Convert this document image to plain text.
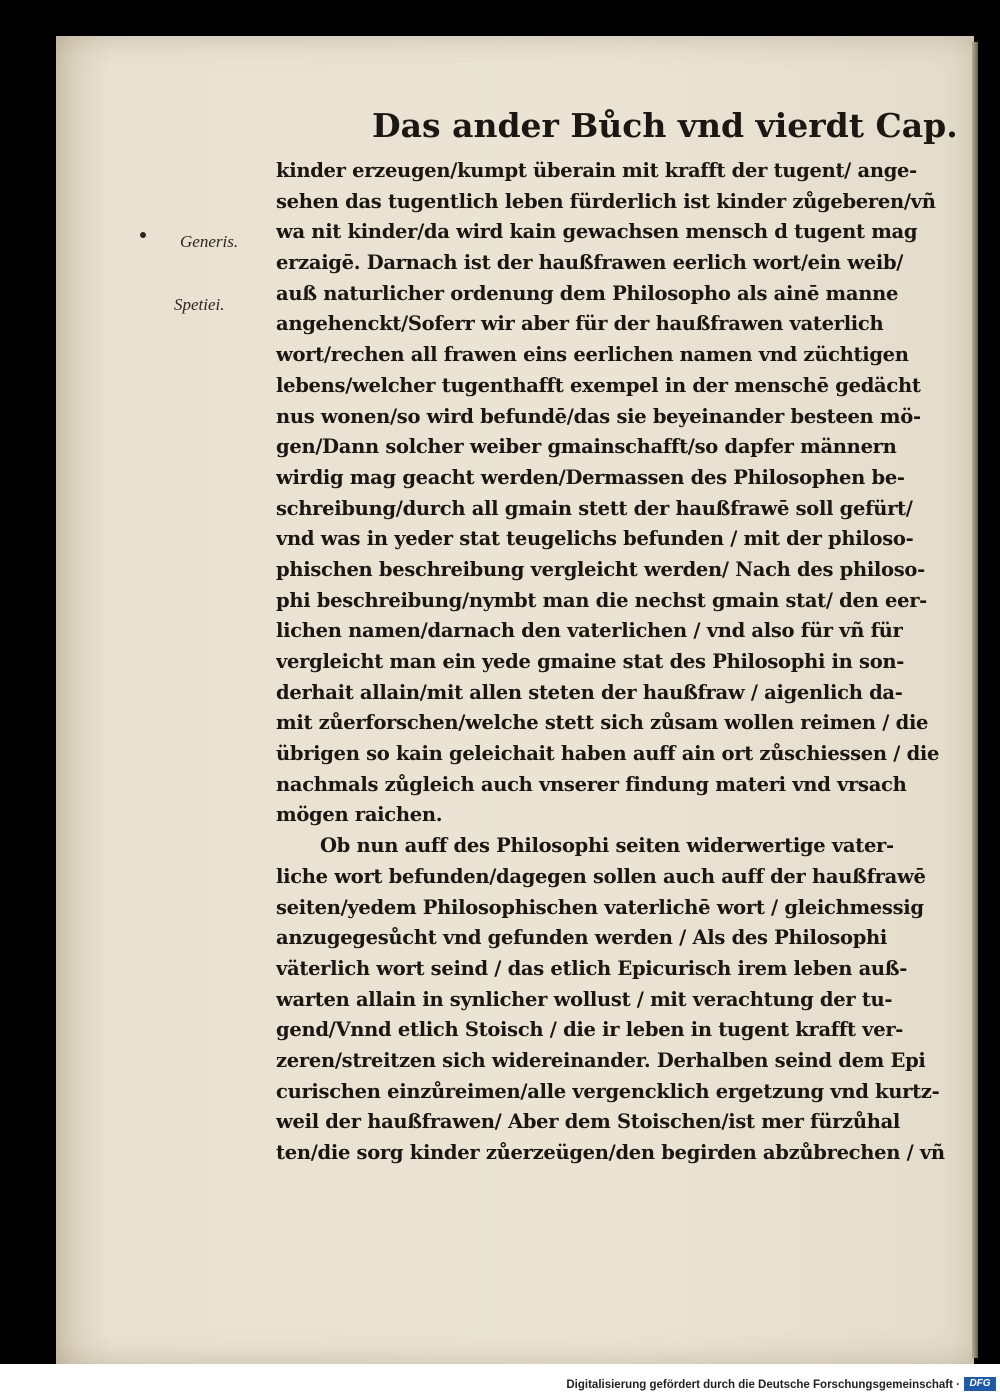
Das ander Bůch vnd vierdt Cap.
Generis.
Spetiei.
kinder erzeugen/kumpt überain mit krafft der tugent/ ange-
sehen das tugentlich leben fürderlich ist kinder zůgeberen/vñ
wa nit kinder/da wird kain gewachsen mensch d tugent mag
erzaigē. Darnach ist der haußfrawen eerlich wort/ein weib/
auß naturlicher ordenung dem Philosopho als ainē manne
angehenckt/Soferr wir aber für der haußfrawen vaterlich
wort/rechen all frawen eins eerlichen namen vnd züchtigen
lebens/welcher tugenthafft exempel in der menschē gedächt
nus wonen/so wird befundē/das sie beyeinander besteen mö-
gen/Dann solcher weiber gmainschafft/so dapfer männern
wirdig mag geacht werden/Dermassen des Philosophen be-
schreibung/durch all gmain stett der haußfrawē soll gefürt/
vnd was in yeder stat teugelichs befunden / mit der philoso-
phischen beschreibung vergleicht werden/ Nach des philoso-
phi beschreibung/nymbt man die nechst gmain stat/ den eer-
lichen namen/darnach den vaterlichen / vnd also für vñ für
vergleicht man ein yede gmaine stat des Philosophi in son-
derhait allain/mit allen steten der haußfraw / aigenlich da-
mit zůerforschen/welche stett sich zůsam wollen reimen / die
übrigen so kain geleichait haben auff ain ort zůschiessen / die
nachmals zůgleich auch vnserer findung materi vnd vrsach
mögen raichen.
Ob nun auff des Philosophi seiten widerwertige vater-
liche wort befunden/dagegen sollen auch auff der haußfrawē
seiten/yedem Philosophischen vaterlichē wort / gleichmessig
anzugegesůcht vnd gefunden werden / Als des Philosophi
väterlich wort seind / das etlich Epicurisch irem leben auß-
warten allain in synlicher wollust / mit verachtung der tu-
gend/Vnnd etlich Stoisch / die ir leben in tugent krafft ver-
zeren/streitzen sich widereinander. Derhalben seind dem Epi
curischen einzůreimen/alle vergencklich ergetzung vnd kurtz-
weil der haußfrawen/ Aber dem Stoischen/ist mer fürzůhal
ten/die sorg kinder zůerzeügen/den begirden abzůbrechen / vñ
Digitalisierung gefördert durch die Deutsche Forschungsgemeinschaft · DFG
